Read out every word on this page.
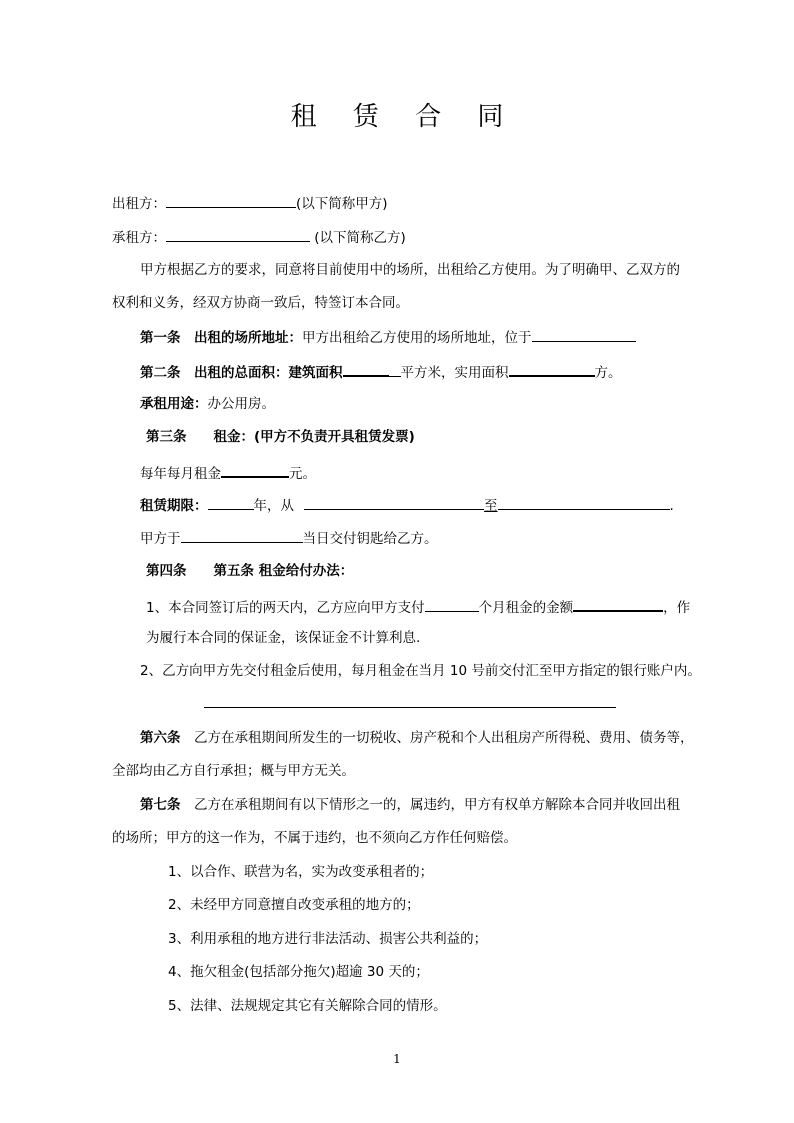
租 赁 合 同
出租方：	(以下简称甲方)
承租方：	(以下简称乙方)
甲方根据乙方的要求，同意将目前使用中的场所，出租给乙方使用。为了明确甲、乙双方的
权利和义务，经双方协商一致后，特签订本合同。
第一条　出租的场所地址：甲方出租给乙方使用的场所地址，位于
第二条　出租的总面积：建筑面积	平方米，实用面积	方。
承租用途：办公用房。
第三条　　租金：(甲方不负责开具租赁发票)
每年每月租金	元。
租赁期限：	年，从	至	.
甲方于	当日交付钥匙给乙方。
第四条　　第五条 租金给付办法：
1、本合同签订后的两天内，乙方应向甲方支付	个月租金的金额	，作
为履行本合同的保证金，该保证金不计算利息.
2、乙方向甲方先交付租金后使用，每月租金在当月 10 号前交付汇至甲方指定的银行账户内。
第六条　乙方在承租期间所发生的一切税收、房产税和个人出租房产所得税、费用、债务等，
全部均由乙方自行承担；概与甲方无关。
第七条　乙方在承租期间有以下情形之一的，属违约，甲方有权单方解除本合同并收回出租
的场所；甲方的这一作为，不属于违约，也不须向乙方作任何赔偿。
1、以合作、联营为名，实为改变承租者的；
2、未经甲方同意擅自改变承租的地方的；
3、利用承租的地方进行非法活动、损害公共利益的；
4、拖欠租金(包括部分拖欠)超逾 30 天的；
5、法律、法规规定其它有关解除合同的情形。
1
